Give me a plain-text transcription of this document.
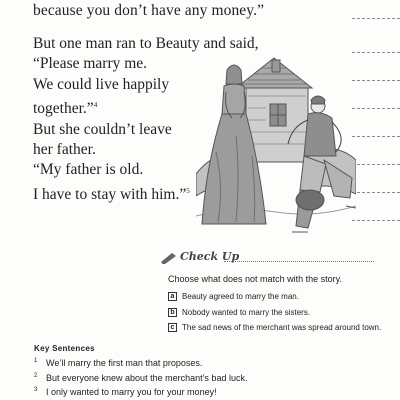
because you don’t have any money.”
But one man ran to Beauty and said,
“Please marry me.
We could live happily
together.”$^4$
But she couldn’t leave
her father.
“My father is old.
I have to stay with him.”$^5$
Check Up
Choose what does not match with the story.
a Beauty agreed to marry the man.
b Nobody wanted to marry the sisters.
c The sad news of the merchant was spread around town.
Key Sentences
1 We’ll marry the first man that proposes.
2 But everyone knew about the merchant’s bad luck.
3 I only wanted to marry you for your money!
